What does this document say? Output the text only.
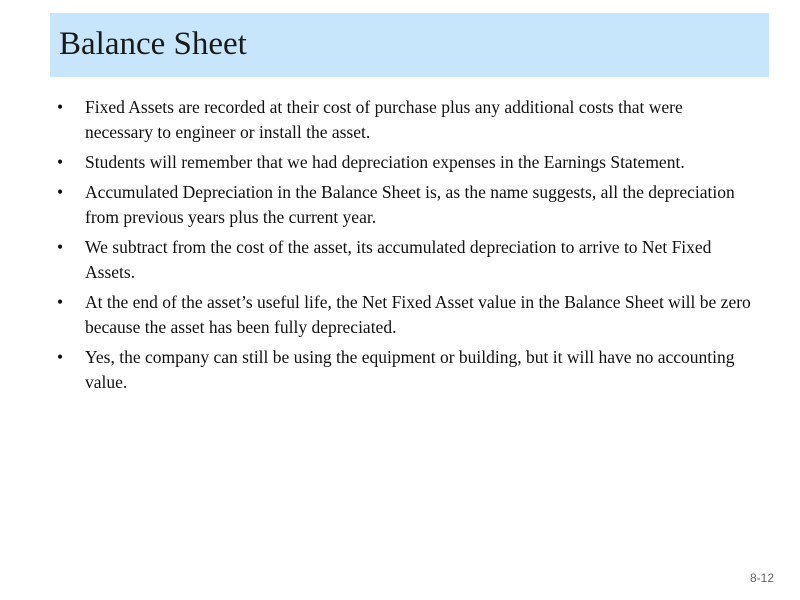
Balance Sheet
• Fixed Assets are recorded at their cost of purchase plus any additional costs that were necessary to engineer or install the asset.
• Students will remember that we had depreciation expenses in the Earnings Statement.
• Accumulated Depreciation in the Balance Sheet is, as the name suggests, all the depreciation from previous years plus the current year.
• We subtract from the cost of the asset, its accumulated depreciation to arrive to Net Fixed Assets.
• At the end of the asset’s useful life, the Net Fixed Asset value in the Balance Sheet will be zero because the asset has been fully depreciated.
• Yes, the company can still be using the equipment or building, but it will have no accounting value.
8-12
